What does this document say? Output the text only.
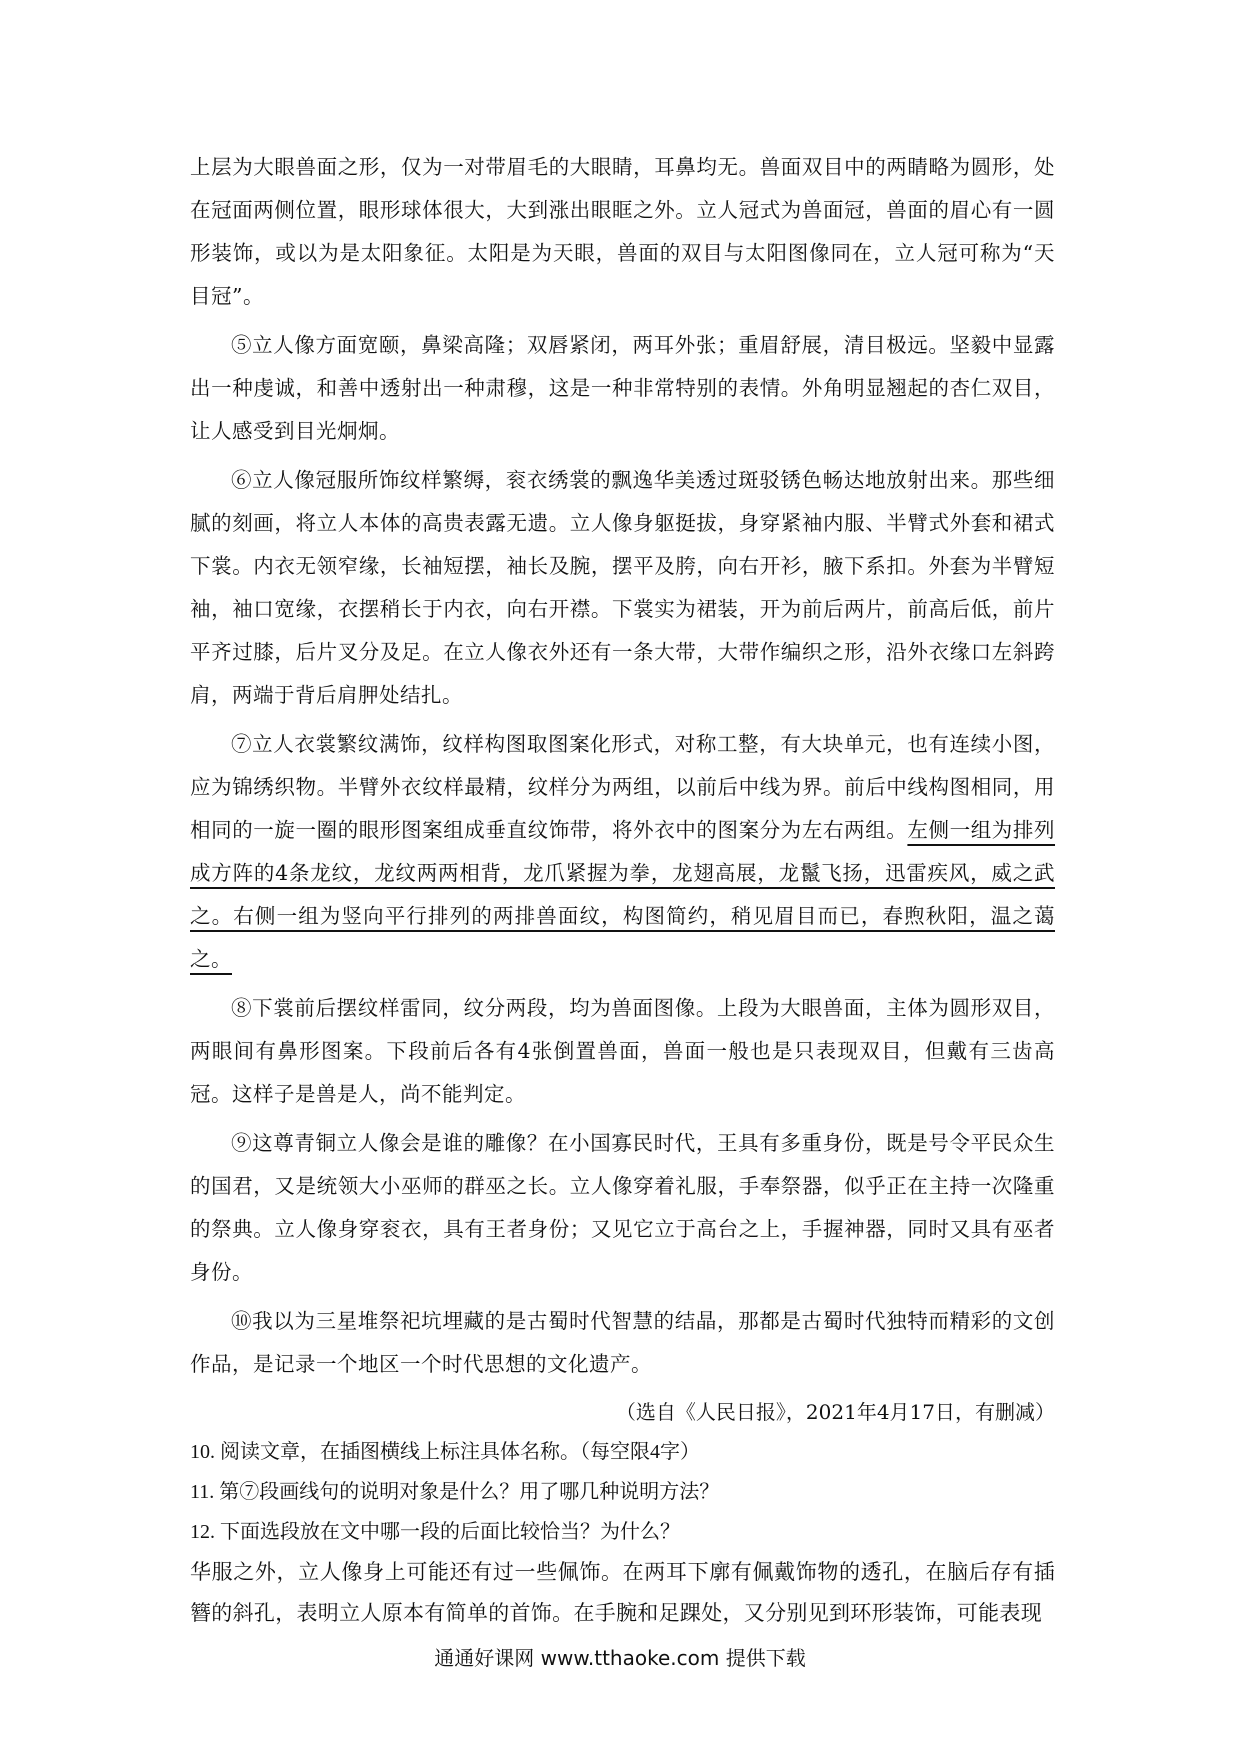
上层为大眼兽面之形，仅为一对带眉毛的大眼睛，耳鼻均无。兽面双目中的两睛略为圆形，处在冠面两侧位置，眼形球体很大，大到涨出眼眶之外。立人冠式为兽面冠，兽面的眉心有一圆形装饰，或以为是太阳象征。太阳是为天眼，兽面的双目与太阳图像同在，立人冠可称为“天目冠”。

⑤立人像方面宽颐，鼻梁高隆；双唇紧闭，两耳外张；重眉舒展，清目极远。坚毅中显露出一种虔诚，和善中透射出一种肃穆，这是一种非常特别的表情。外角明显翘起的杏仁双目，让人感受到目光炯炯。

⑥立人像冠服所饰纹样繁缛，衮衣绣裳的飘逸华美透过斑驳锈色畅达地放射出来。那些细腻的刻画，将立人本体的高贵表露无遗。立人像身躯挺拔，身穿紧袖内服、半臂式外套和裙式下裳。内衣无领窄缘，长袖短摆，袖长及腕，摆平及胯，向右开衫，腋下系扣。外套为半臂短袖，袖口宽缘，衣摆稍长于内衣，向右开襟。下裳实为裙装，开为前后两片，前高后低，前片平齐过膝，后片叉分及足。在立人像衣外还有一条大带，大带作编织之形，沿外衣缘口左斜跨肩，两端于背后肩胛处结扎。

⑦立人衣裳繁纹满饰，纹样构图取图案化形式，对称工整，有大块单元，也有连续小图，应为锦绣织物。半臂外衣纹样最精，纹样分为两组，以前后中线为界。前后中线构图相同，用相同的一旋一圈的眼形图案组成垂直纹饰带，将外衣中的图案分为左右两组。左侧一组为排列成方阵的4条龙纹，龙纹两两相背，龙爪紧握为拳，龙翅高展，龙鬣飞扬，迅雷疾风，威之武之。右侧一组为竖向平行排列的两排兽面纹，构图简约，稍见眉目而已，春煦秋阳，温之蔼之。

⑧下裳前后摆纹样雷同，纹分两段，均为兽面图像。上段为大眼兽面，主体为圆形双目，两眼间有鼻形图案。下段前后各有4张倒置兽面，兽面一般也是只表现双目，但戴有三齿高冠。这样子是兽是人，尚不能判定。

⑨这尊青铜立人像会是谁的雕像？在小国寡民时代，王具有多重身份，既是号令平民众生的国君，又是统领大小巫师的群巫之长。立人像穿着礼服，手奉祭器，似乎正在主持一次隆重的祭典。立人像身穿衮衣，具有王者身份；又见它立于高台之上，手握神器，同时又具有巫者身份。

⑩我以为三星堆祭祀坑埋藏的是古蜀时代智慧的结晶，那都是古蜀时代独特而精彩的文创作品，是记录一个地区一个时代思想的文化遗产。

（选自《人民日报》，2021年4月17日，有删减）

10. 阅读文章，在插图横线上标注具体名称。（每空限4字）

11. 第⑦段画线句的说明对象是什么？用了哪几种说明方法？

12. 下面选段放在文中哪一段的后面比较恰当？为什么？

华服之外，立人像身上可能还有过一些佩饰。在两耳下廓有佩戴饰物的透孔，在脑后存有插簪的斜孔，表明立人原本有简单的首饰。在手腕和足踝处，又分别见到环形装饰，可能表现

通通好课网 www.tthaoke.com 提供下载
